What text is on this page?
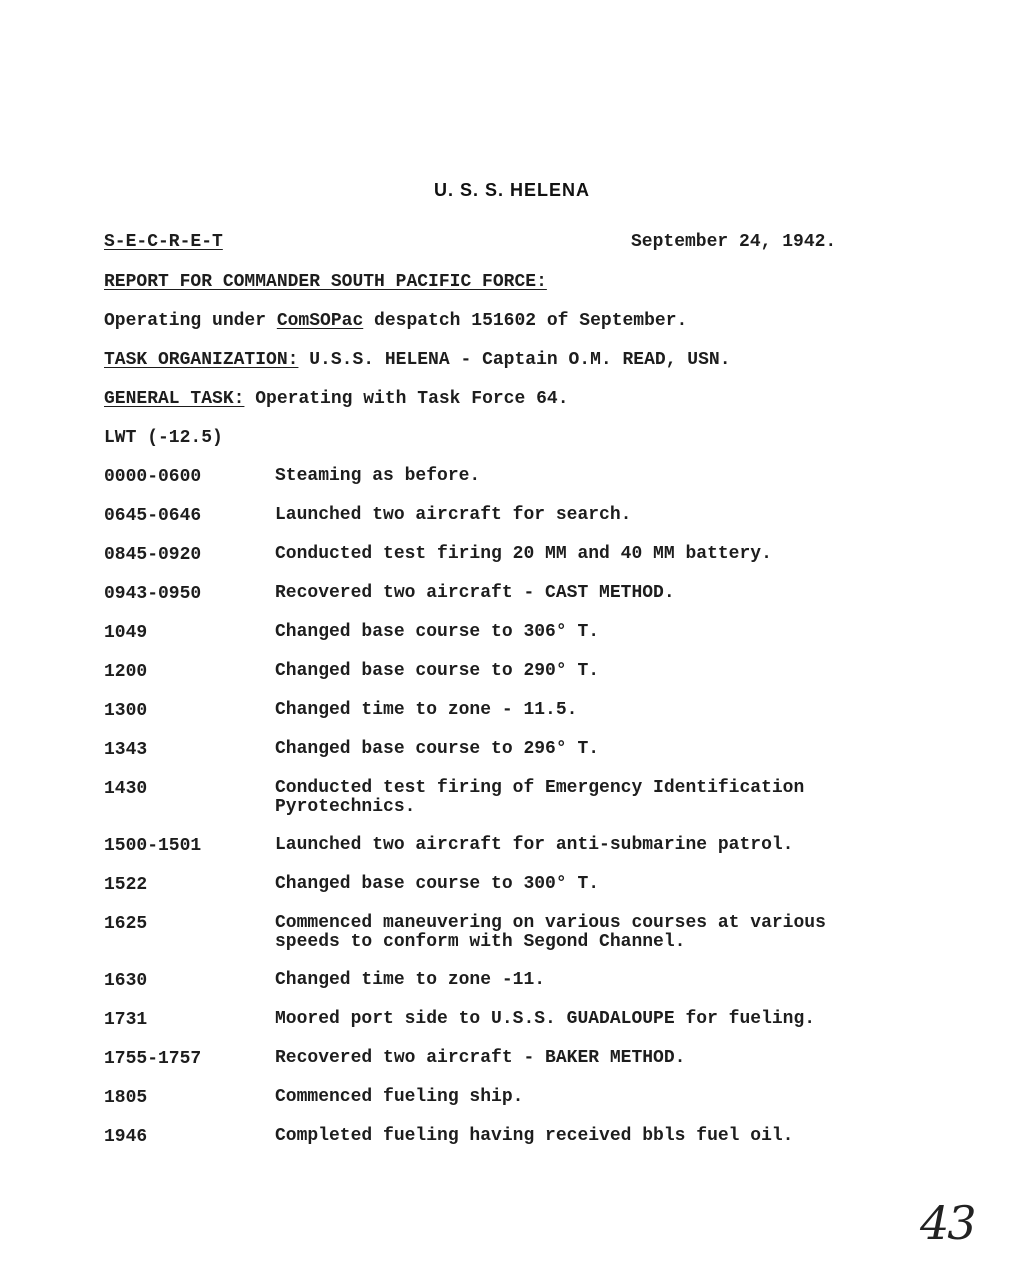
U. S. S. HELENA
S-E-C-R-E-T	September 24, 1942.
REPORT FOR COMMANDER SOUTH PACIFIC FORCE:
Operating under ComSOPac despatch 151602 of September.
TASK ORGANIZATION: U.S.S. HELENA - Captain O.M. READ, USN.
GENERAL TASK: Operating with Task Force 64.
LWT (-12.5)
0000-0600	Steaming as before.
0645-0646	Launched two aircraft for search.
0845-0920	Conducted test firing 20 MM and 40 MM battery.
0943-0950	Recovered two aircraft - CAST METHOD.
1049	Changed base course to 306° T.
1200	Changed base course to 290° T.
1300	Changed time to zone - 11.5.
1343	Changed base course to 296° T.
1430	Conducted test firing of Emergency Identification
Pyrotechnics.
1500-1501	Launched two aircraft for anti-submarine patrol.
1522	Changed base course to 300° T.
1625	Commenced maneuvering on various courses at various
speeds to conform with Segond Channel.
1630	Changed time to zone -11.
1731	Moored port side to U.S.S. GUADALOUPE for fueling.
1755-1757	Recovered two aircraft - BAKER METHOD.
1805	Commenced fueling ship.
1946	Completed fueling having received bbls fuel oil.
43
